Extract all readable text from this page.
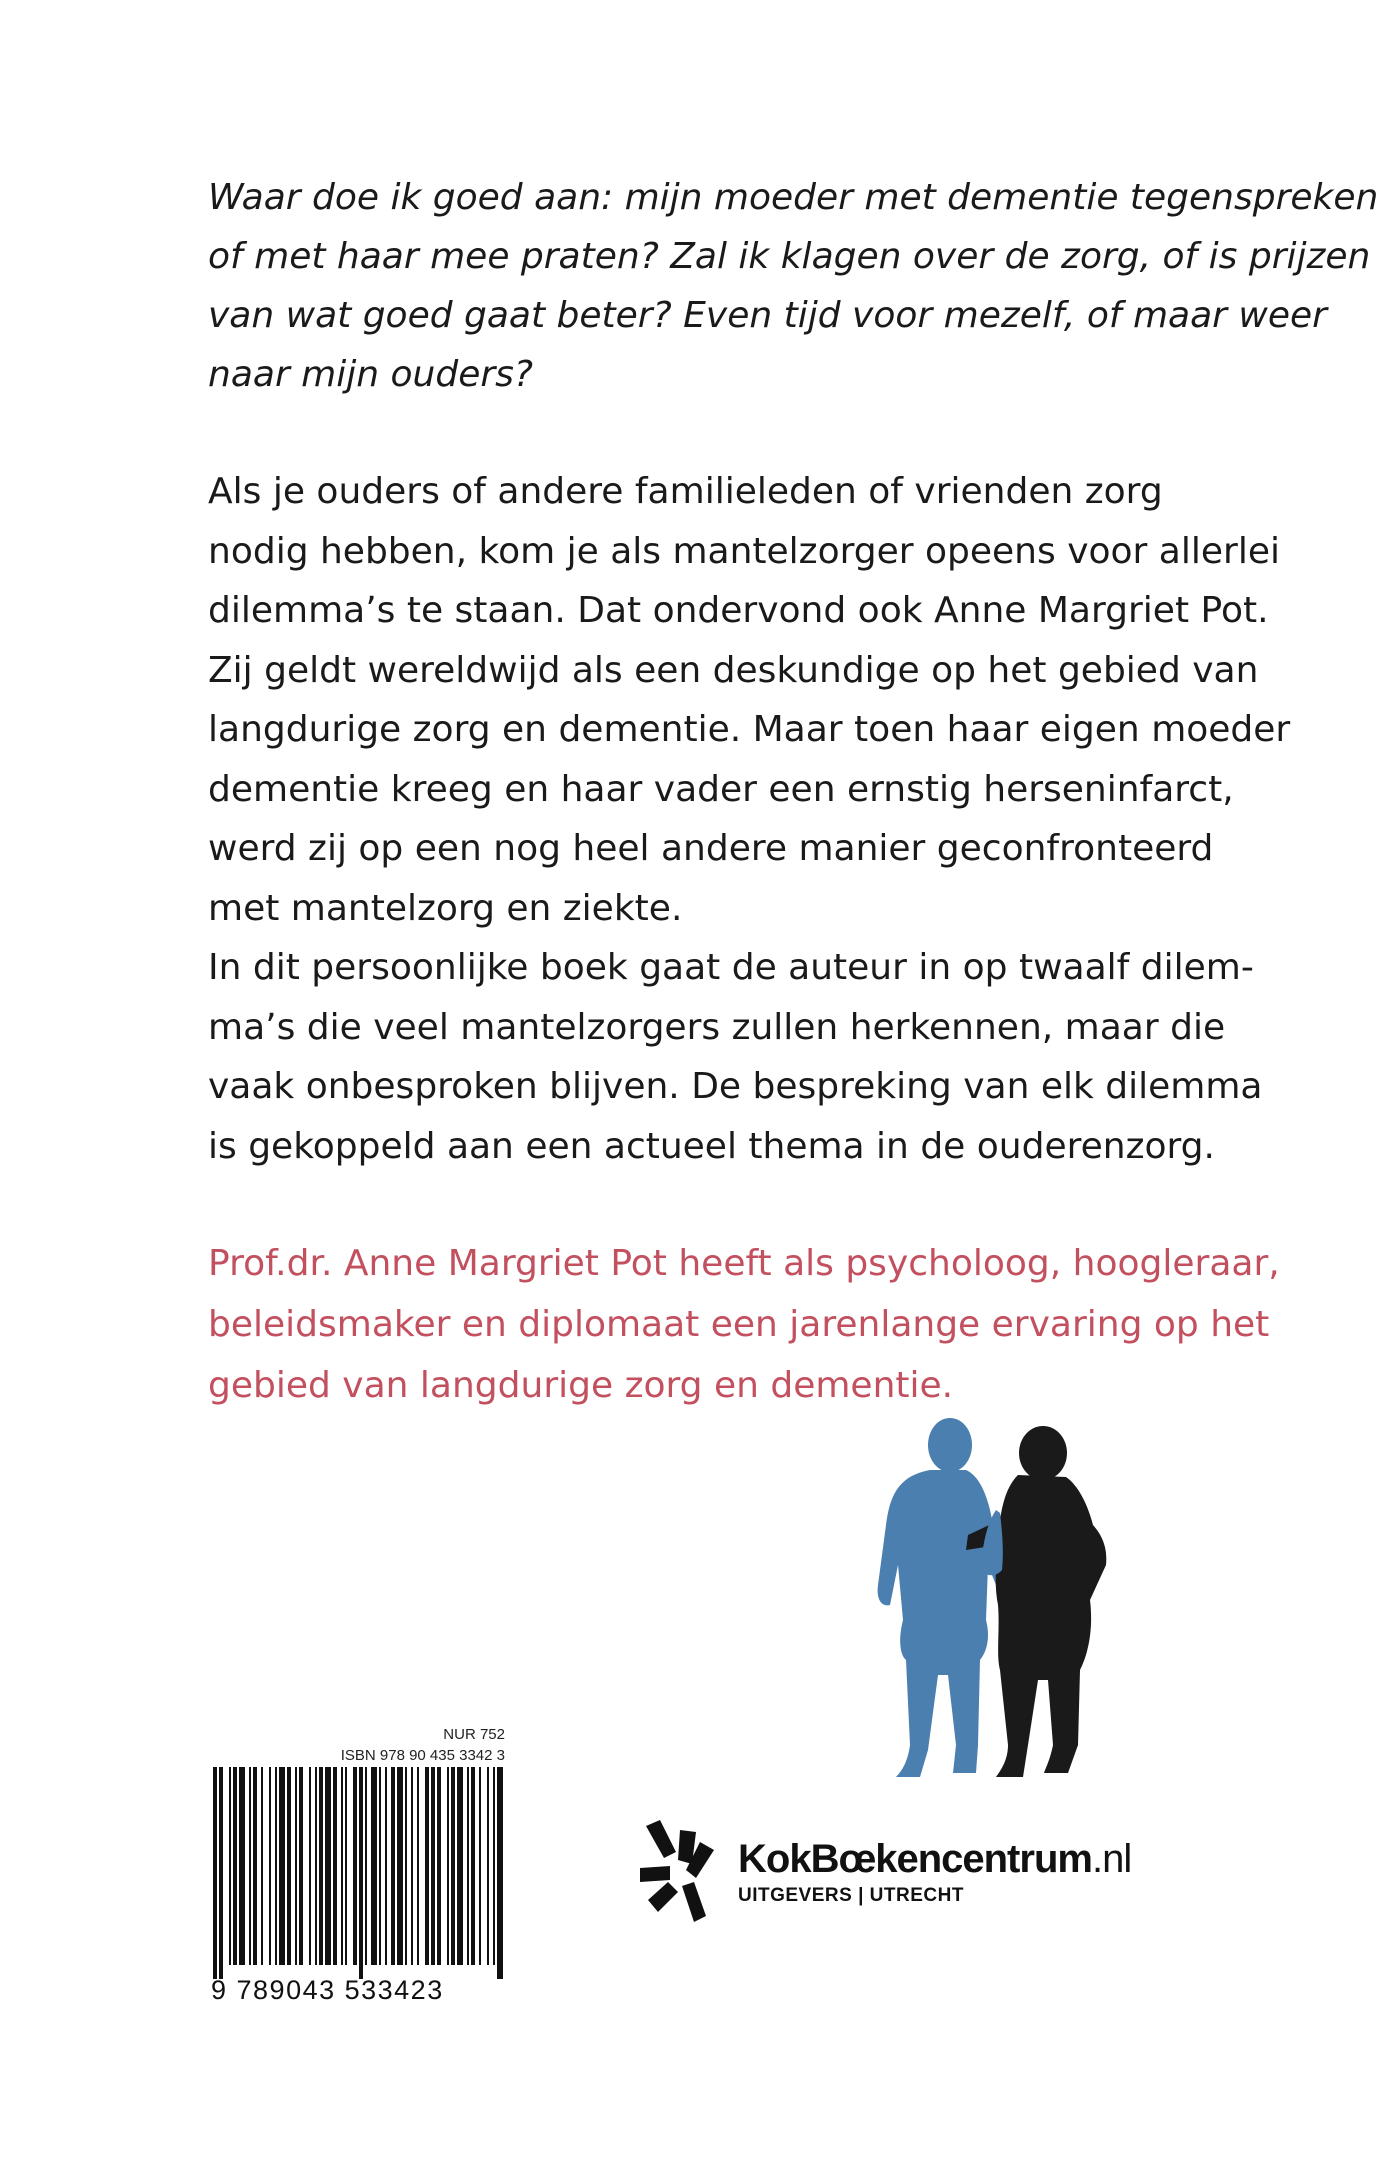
Waar doe ik goed aan: mijn moeder met dementie tegenspreken

of met haar mee praten? Zal ik klagen over de zorg, of is prijzen

van wat goed gaat beter? Even tijd voor mezelf, of maar weer

naar mijn ouders?

Als je ouders of andere familieleden of vrienden zorg

nodig hebben, kom je als mantelzorger opeens voor allerlei

dilemma’s te staan. Dat ondervond ook Anne Margriet Pot.

Zij geldt wereldwijd als een deskundige op het gebied van

langdurige zorg en dementie. Maar toen haar eigen moeder

dementie kreeg en haar vader een ernstig herseninfarct,

werd zij op een nog heel andere manier geconfronteerd

met mantelzorg en ziekte.

In dit persoonlijke boek gaat de auteur in op twaalf dilem-

ma’s die veel mantelzorgers zullen herkennen, maar die

vaak onbesproken blijven. De bespreking van elk dilemma

is gekoppeld aan een actueel thema in de ouderenzorg.

Prof.dr. Anne Margriet Pot heeft als psycholoog, hoogleraar,

beleidsmaker en diplomaat een jarenlange ervaring op het

gebied van langdurige zorg en dementie.

NUR 752
ISBN 978 90 435 3342 3
9 789043 533423
KokBœkencentrum.nl
UITGEVERS | UTRECHT
